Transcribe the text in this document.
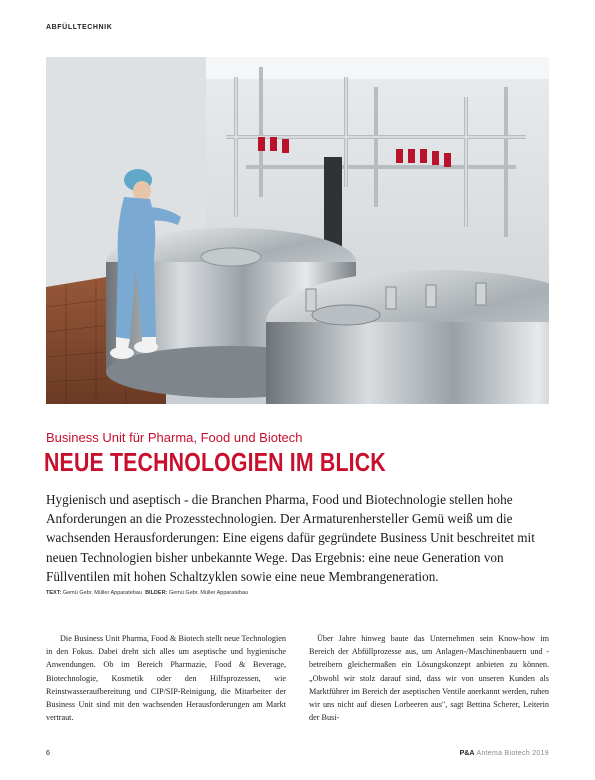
ABFÜLLTECHNIK
Business Unit für Pharma, Food und Biotech
NEUE TECHNOLOGIEN IM BLICK

Hygienisch und aseptisch - die Branchen Pharma, Food und Biotechnologie stellen hohe Anforderungen an die Prozesstechnologien. Der Armaturenhersteller Gemü weiß um die wachsenden Herausforderungen: Eine eigens dafür gegründete Business Unit beschreitet mit neuen Technologien bisher unbekannte Wege. Das Ergebnis: eine neue Generation von Füllventilen mit hohen Schaltzyklen sowie eine neue Membrangeneration.

TEXT: Gemü Gebr. Müller Apparatebau BILDER: Gemü Gebr. Müller Apparatebau

Die Business Unit Pharma, Food & Biotech stellt neue Technologien in den Fokus. Dabei dreht sich alles um aseptische und hygienische Anwendungen. Ob im Bereich Pharmazie, Food & Beverage, Biotechnologie, Kosmetik oder den Hilfsprozessen, wie Reinstwasseraufbereitung und CIP/SIP-Reinigung, die Mitarbeiter der Business Unit sind mit den wachsenden Herausforderungen am Markt vertraut.

Über Jahre hinweg baute das Unternehmen sein Know-how im Bereich der Abfüllprozesse aus, um Anlagen-/Maschinenbauern und -betreibern gleichermaßen ein Lösungskonzept anbieten zu können. „Obwohl wir stolz darauf sind, dass wir von unseren Kunden als Marktführer im Bereich der aseptischen Ventile anerkannt werden, ruhen wir uns nicht auf diesen Lorbeeren aus", sagt Bettina Scherer, Leiterin der Busi-

6	P&A Antema Biotech 2019
